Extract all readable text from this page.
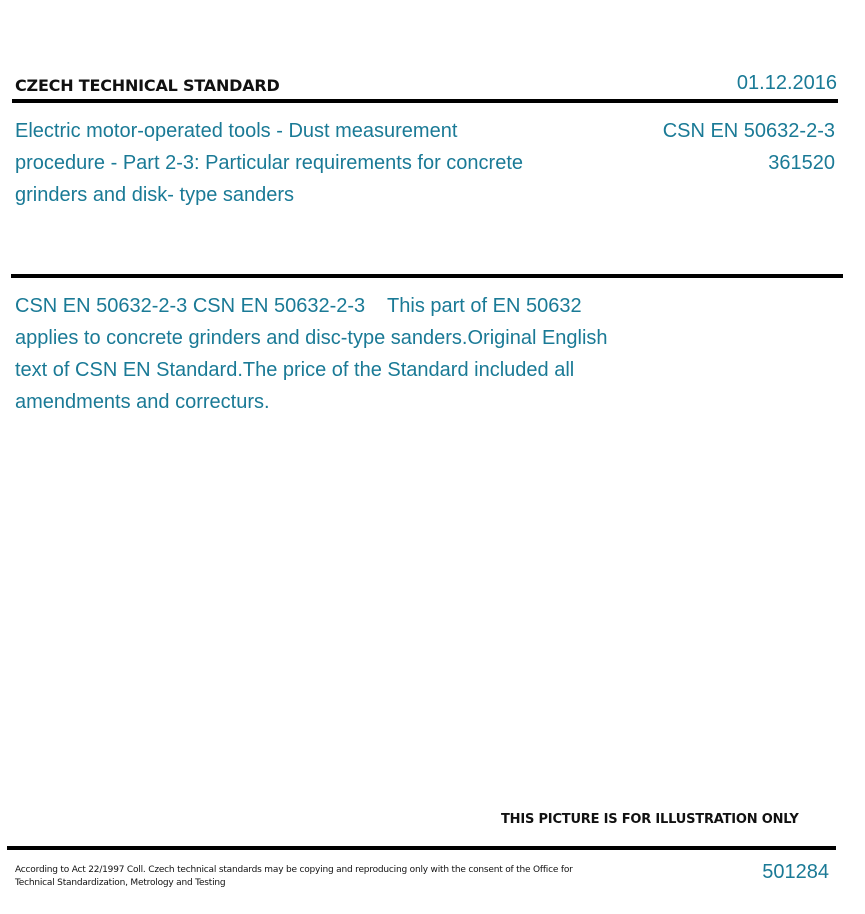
CZECH TECHNICAL STANDARD	01.12.2016
Electric motor-operated tools - Dust measurement procedure - Part 2-3: Particular requirements for concrete grinders and disk- type sanders
CSN EN 50632-2-3
361520
CSN EN 50632-2-3 CSN EN 50632-2-3    This part of EN 50632 applies to concrete grinders and disc-type sanders.Original English text of CSN EN Standard.The price of the Standard included all amendments and correcturs.
THIS PICTURE IS FOR ILLUSTRATION ONLY
According to Act 22/1997 Coll. Czech technical standards may be copying and reproducing only with the consent of the Office for Technical Standardization, Metrology and Testing	501284
